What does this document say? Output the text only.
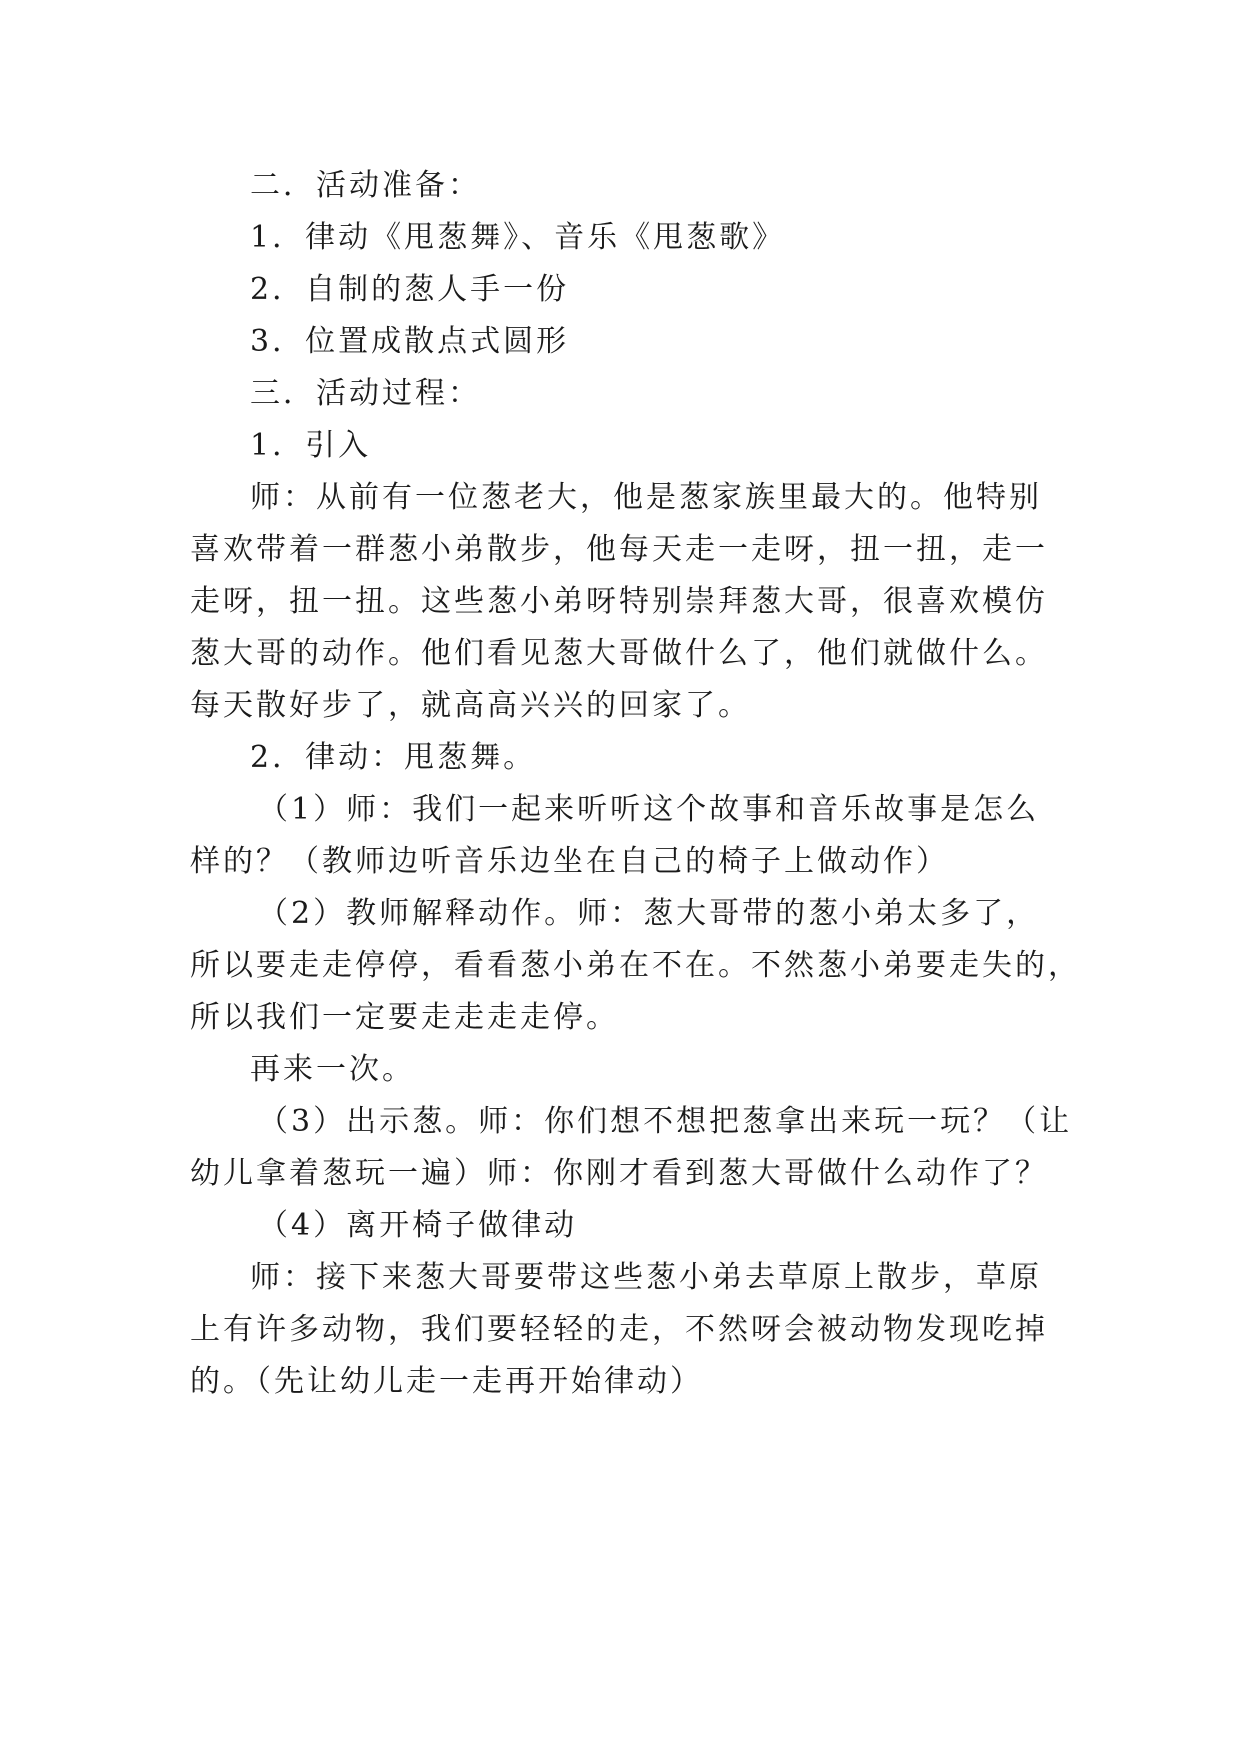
二．活动准备：
1．律动《甩葱舞》、音乐《甩葱歌》
2．自制的葱人手一份
3．位置成散点式圆形
三．活动过程：
1．引入
师：从前有一位葱老大，他是葱家族里最大的。他特别
喜欢带着一群葱小弟散步，他每天走一走呀，扭一扭，走一
走呀，扭一扭。这些葱小弟呀特别崇拜葱大哥，很喜欢模仿
葱大哥的动作。他们看见葱大哥做什么了，他们就做什么。
每天散好步了，就高高兴兴的回家了。
2．律动：甩葱舞。
（1）师：我们一起来听听这个故事和音乐故事是怎么
样的？（教师边听音乐边坐在自己的椅子上做动作）
（2）教师解释动作。师：葱大哥带的葱小弟太多了，
所以要走走停停，看看葱小弟在不在。不然葱小弟要走失的，
所以我们一定要走走走走停。
再来一次。
（3）出示葱。师：你们想不想把葱拿出来玩一玩？（让
幼儿拿着葱玩一遍）师：你刚才看到葱大哥做什么动作了？
（4）离开椅子做律动
师：接下来葱大哥要带这些葱小弟去草原上散步，草原
上有许多动物，我们要轻轻的走，不然呀会被动物发现吃掉
的。（先让幼儿走一走再开始律动）
